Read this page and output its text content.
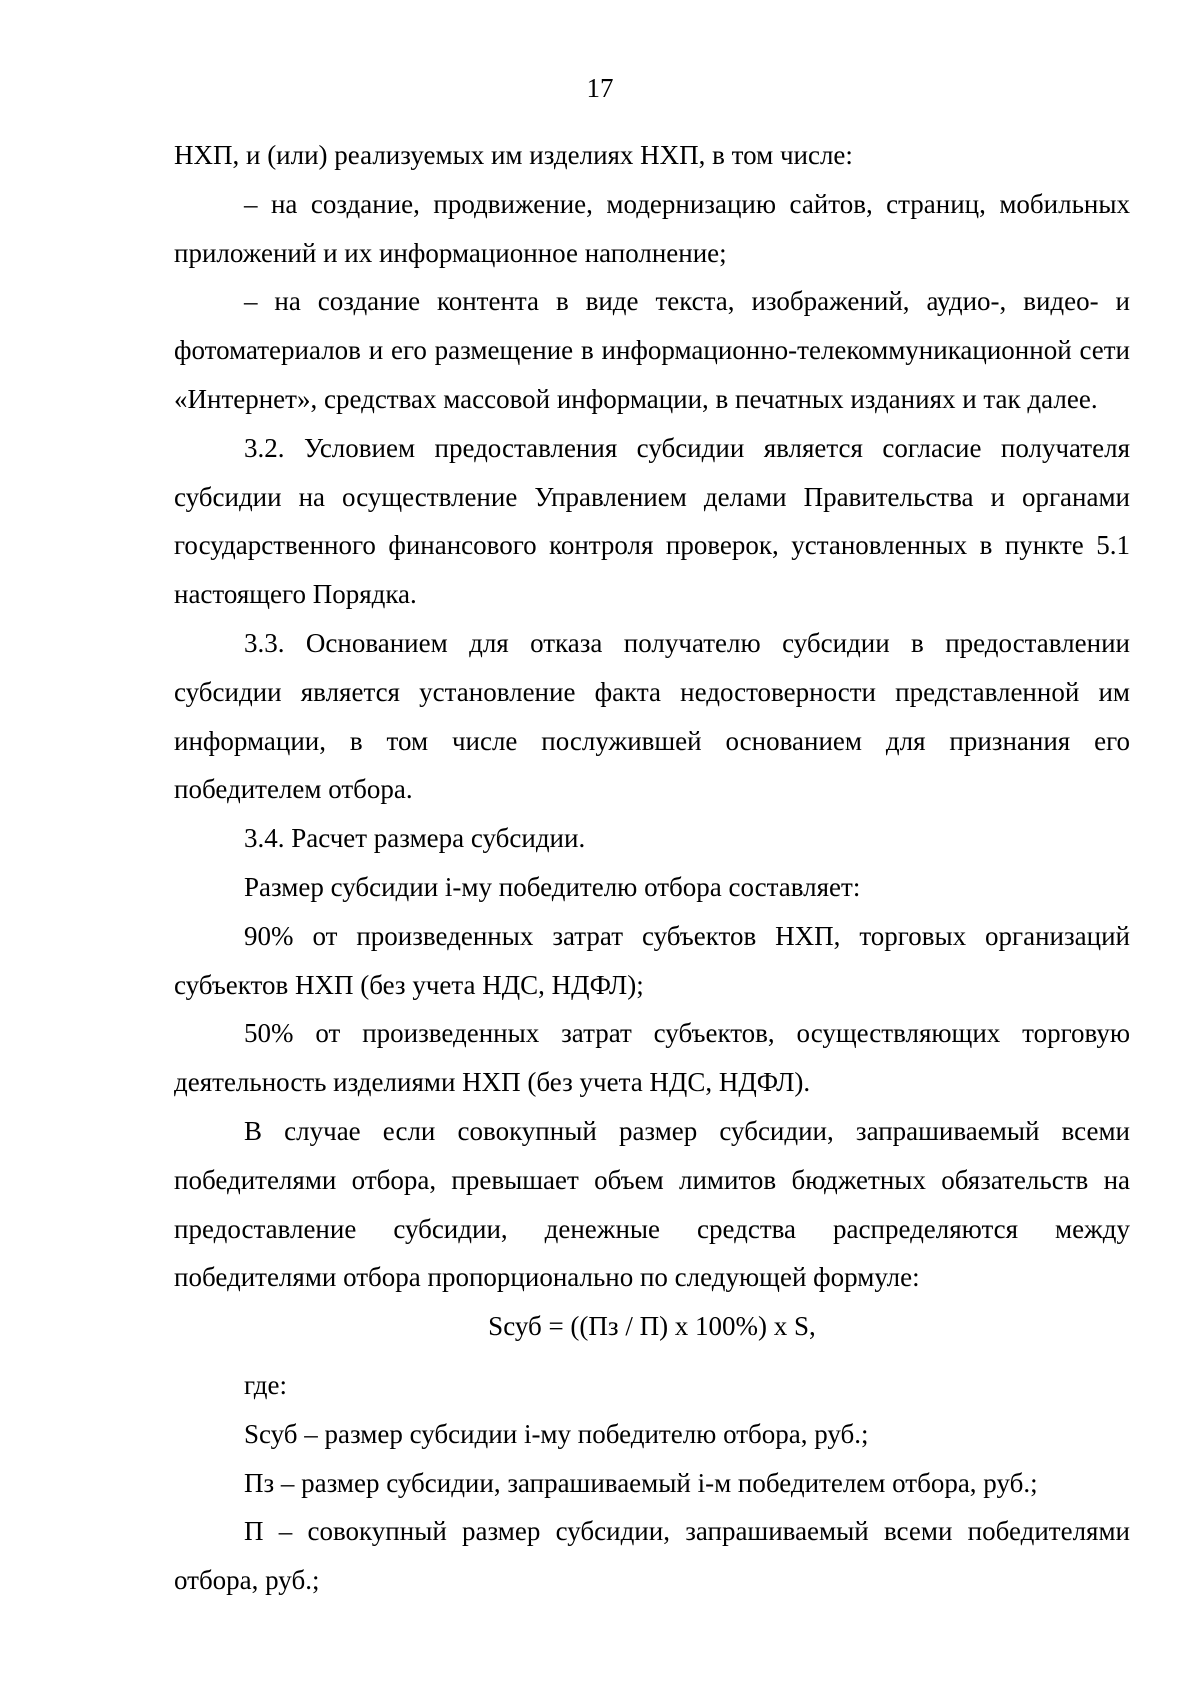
17

НХП, и (или) реализуемых им изделиях НХП, в том числе:

– на создание, продвижение, модернизацию сайтов, страниц, мобильных приложений и их информационное наполнение;

– на создание контента в виде текста, изображений, аудио-, видео- и фотоматериалов и его размещение в информационно-телекоммуникационной сети «Интернет», средствах массовой информации, в печатных изданиях и так далее.

3.2. Условием предоставления субсидии является согласие получателя субсидии на осуществление Управлением делами Правительства и органами государственного финансового контроля проверок, установленных в пункте 5.1 настоящего Порядка.

3.3. Основанием для отказа получателю субсидии в предоставлении субсидии является установление факта недостоверности представленной им информации, в том числе послужившей основанием для признания его победителем отбора.

3.4. Расчет размера субсидии.

Размер субсидии i-му победителю отбора составляет:

90% от произведенных затрат субъектов НХП, торговых организаций субъектов НХП (без учета НДС, НДФЛ);

50% от произведенных затрат субъектов, осуществляющих торговую деятельность изделиями НХП (без учета НДС, НДФЛ).

В случае если совокупный размер субсидии, запрашиваемый всеми победителями отбора, превышает объем лимитов бюджетных обязательств на предоставление субсидии, денежные средства распределяются между победителями отбора пропорционально по следующей формуле:

Sсуб = ((Пз / П) х 100%) х S,

где:

Sсуб – размер субсидии i-му победителю отбора, руб.;

Пз – размер субсидии, запрашиваемый i-м победителем отбора, руб.;

П – совокупный размер субсидии, запрашиваемый всеми победителями отбора, руб.;
